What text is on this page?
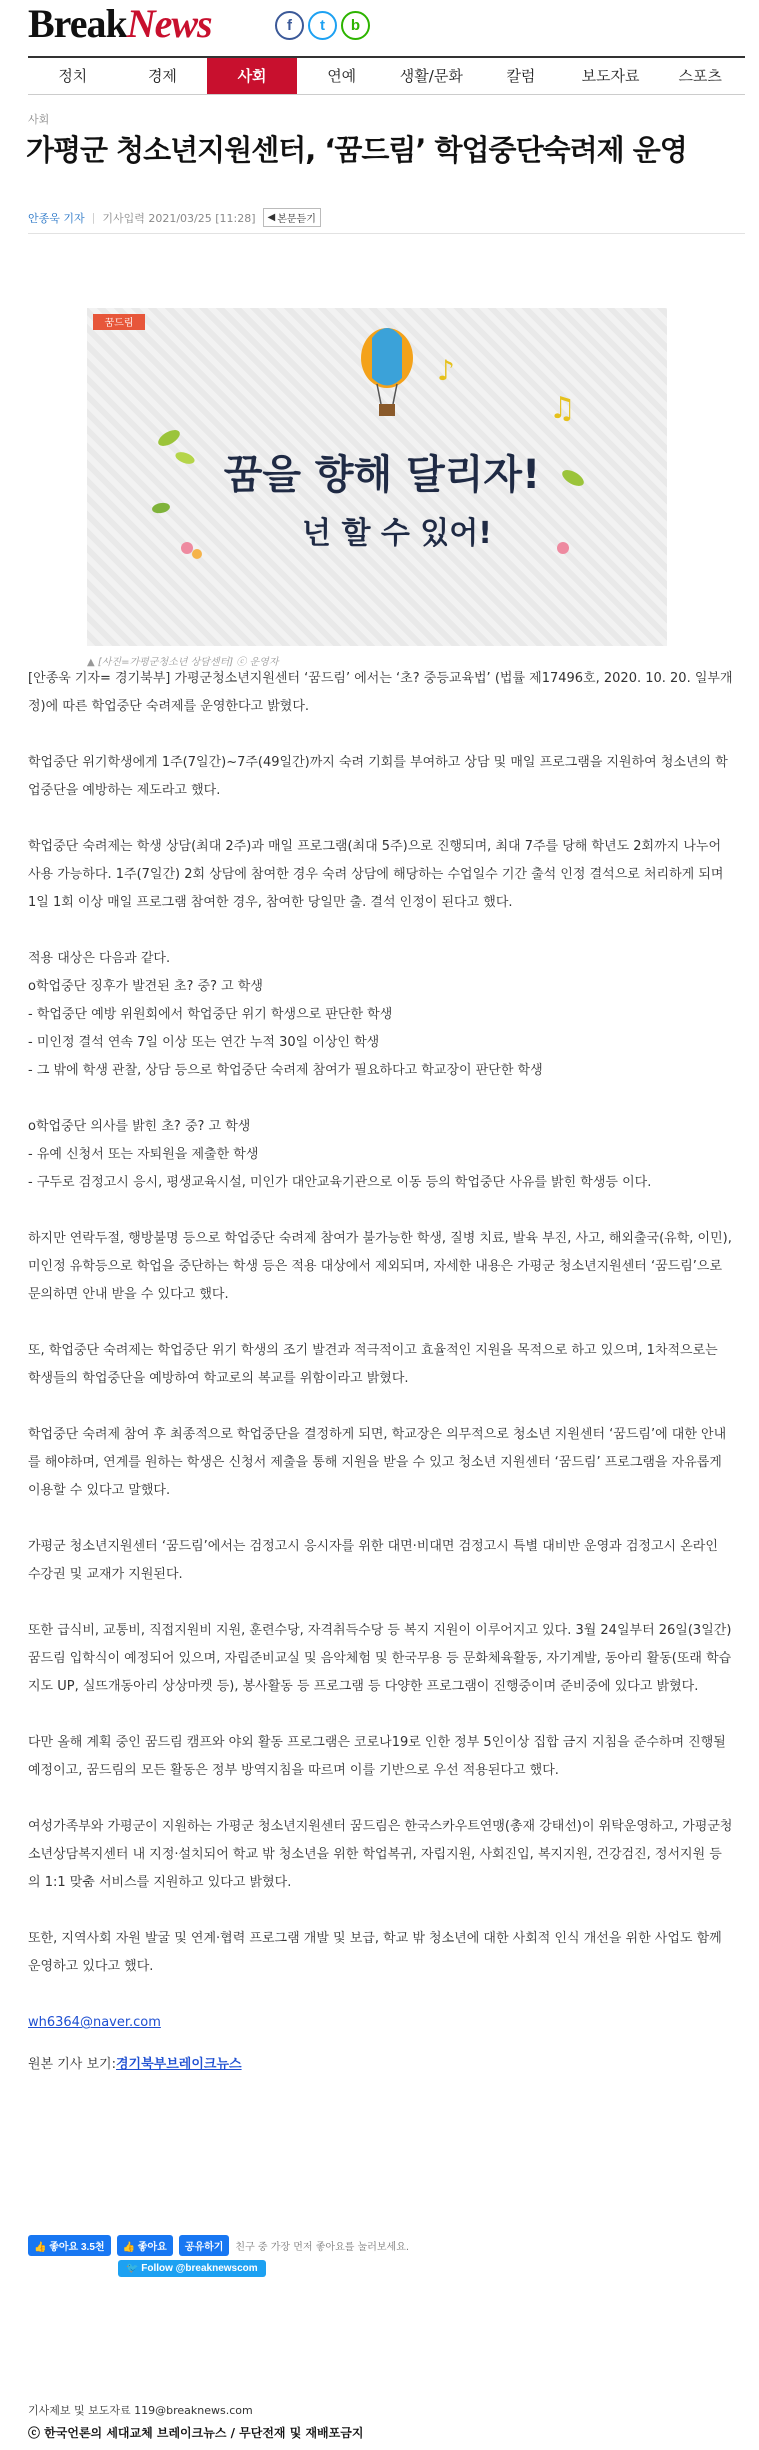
BreakNews	f	t	b
정치	경제	사회	연예	생활/문화	칼럼	보도자료	스포츠
사회
가평군 청소년지원센터, ‘꿈드림’ 학업중단숙려제 운영
안종욱 기자 | 기사입력 2021/03/25 [11:28] ◀ 본문듣기
꿈드림
♪
♫
꿈을 향해 달리자!
넌 할 수 있어!
▲ [사진=가평군청소년 상담센터] ⓒ 운영자

[안종욱 기자= 경기북부] 가평군청소년지원센터 ‘꿈드림’ 에서는 ‘초? 중등교육법’ (법률 제17496호, 2020. 10. 20. 일부개정)에 따른 학업중단 숙려제를 운영한다고 밝혔다.

학업중단 위기학생에게 1주(7일간)~7주(49일간)까지 숙려 기회를 부여하고 상담 및 매일 프로그램을 지원하여 청소년의 학업중단을 예방하는 제도라고 했다.

학업중단 숙려제는 학생 상담(최대 2주)과 매일 프로그램(최대 5주)으로 진행되며, 최대 7주를 당해 학년도 2회까지 나누어 사용 가능하다. 1주(7일간) 2회 상담에 참여한 경우 숙려 상담에 해당하는 수업일수 기간 출석 인정 결석으로 처리하게 되며 1일 1회 이상 매일 프로그램 참여한 경우, 참여한 당일만 출. 결석 인정이 된다고 했다.

적용 대상은 다음과 같다.
o학업중단 징후가 발견된 초? 중? 고 학생
- 학업중단 예방 위원회에서 학업중단 위기 학생으로 판단한 학생
- 미인정 결석 연속 7일 이상 또는 연간 누적 30일 이상인 학생
- 그 밖에 학생 관찰, 상담 등으로 학업중단 숙려제 참여가 필요하다고 학교장이 판단한 학생

o학업중단 의사를 밝힌 초? 중? 고 학생
- 유예 신청서 또는 자퇴원을 제출한 학생
- 구두로 검정고시 응시, 평생교육시설, 미인가 대안교육기관으로 이동 등의 학업중단 사유를 밝힌 학생등 이다.

하지만 연락두절, 행방불명 등으로 학업중단 숙려제 참여가 불가능한 학생, 질병 치료, 발육 부진, 사고, 해외출국(유학, 이민), 미인정 유학등으로 학업을 중단하는 학생 등은 적용 대상에서 제외되며, 자세한 내용은 가평군 청소년지원센터 ‘꿈드림’으로 문의하면 안내 받을 수 있다고 했다.

또, 학업중단 숙려제는 학업중단 위기 학생의 조기 발견과 적극적이고 효율적인 지원을 목적으로 하고 있으며, 1차적으로는 학생들의 학업중단을 예방하여 학교로의 복교를 위함이라고 밝혔다.

학업중단 숙려제 참여 후 최종적으로 학업중단을 결정하게 되면, 학교장은 의무적으로 청소년 지원센터 ‘꿈드림’에 대한 안내를 해야하며, 연계를 원하는 학생은 신청서 제출을 통해 지원을 받을 수 있고 청소년 지원센터 ‘꿈드림’ 프로그램을 자유롭게 이용할 수 있다고 말했다.

가평군 청소년지원센터 ‘꿈드림’에서는 검정고시 응시자를 위한 대면·비대면 검정고시 특별 대비반 운영과 검정고시 온라인 수강권 및 교재가 지원된다.

또한 급식비, 교통비, 직접지원비 지원, 훈련수당, 자격취득수당 등 복지 지원이 이루어지고 있다. 3월 24일부터 26일(3일간) 꿈드림 입학식이 예정되어 있으며, 자립준비교실 및 음악체험 및 한국무용 등 문화체육활동, 자기계발, 동아리 활동(또래 학습지도 UP, 실뜨개동아리 상상마켓 등), 봉사활동 등 프로그램 등 다양한 프로그램이 진행중이며 준비중에 있다고 밝혔다.

다만 올해 계획 중인 꿈드림 캠프와 야외 활동 프로그램은 코로나19로 인한 정부 5인이상 집합 금지 지침을 준수하며 진행될 예정이고, 꿈드림의 모든 활동은 정부 방역지침을 따르며 이를 기반으로 우선 적용된다고 했다.

여성가족부와 가평군이 지원하는 가평군 청소년지원센터 꿈드림은 한국스카우트연맹(총재 강태선)이 위탁운영하고, 가평군청소년상담복지센터 내 지정·설치되어 학교 밖 청소년을 위한 학업복귀, 자립지원, 사회진입, 복지지원, 건강검진, 정서지원 등의 1:1 맞춤 서비스를 지원하고 있다고 밝혔다.

또한, 지역사회 자원 발굴 및 연계·협력 프로그램 개발 및 보급, 학교 밖 청소년에 대한 사회적 인식 개선을 위한 사업도 함께 운영하고 있다고 했다.

wh6364@naver.com

원본 기사 보기:경기북부브레이크뉴스

👍 좋아요 3.5천	👍 좋아요	공유하기	친구 중 가장 먼저 좋아요를 눌러보세요.
🐦 Follow @breaknewscom
기사제보 및 보도자료 119@breaknews.com
ⓒ 한국언론의 세대교체 브레이크뉴스 / 무단전재 및 재배포금지
